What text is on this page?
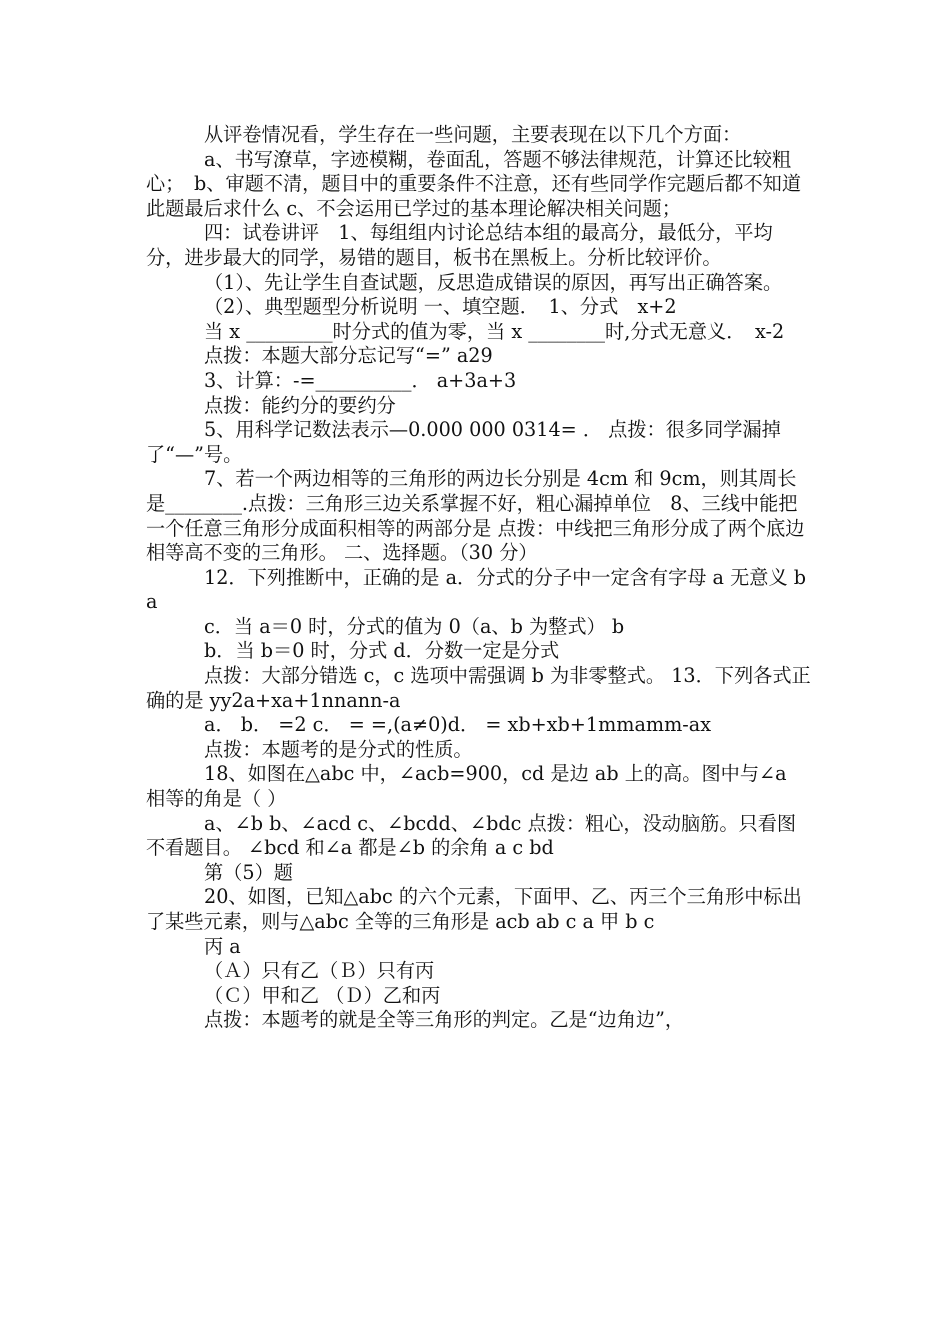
从评卷情况看，学生存在一些问题，主要表现在以下几个方面：

a、书写潦草，字迹模糊，卷面乱，答题不够法律规范，计算还比较粗心；　b、审题不清，题目中的重要条件不注意，还有些同学作完题后都不知道此题最后求什么 c、不会运用已学过的基本理论解决相关问题；

四：试卷讲评　1、每组组内讨论总结本组的最高分，最低分，平均分，进步最大的同学，易错的题目，板书在黑板上。分析比较评价。

（1）、先让学生自查试题，反思造成错误的原因，再写出正确答案。

（2）、典型题型分析说明 一、填空题．　1、分式　x+2

当 x _________时分式的值为零，当 x ________时,分式无意义．　x-2

点拨：本题大部分忘记写“=” a29

3、计算：-=__________． a+3a+3

点拨：能约分的要约分

5、用科学记数法表示—0.000 000 0314= ． 点拨：很多同学漏掉了“—”号。

7、若一个两边相等的三角形的两边长分别是 4cm 和 9cm，则其周长是________.点拨：三角形三边关系掌握不好，粗心漏掉单位　8、三线中能把一个任意三角形分成面积相等的两部分是 点拨：中线把三角形分成了两个底边相等高不变的三角形。 二、选择题。（30 分）

12．下列推断中，正确的是 a．分式的分子中一定含有字母 a 无意义 ba

c．当 a＝0 时，分式的值为 0（a、b 为整式） b

b．当 b＝0 时，分式 d．分数一定是分式

点拨：大部分错选 c，c 选项中需强调 b 为非零整式。 13．下列各式正确的是 yy2a+xa+1nnann-a

a． b． =2 c． = =,(a≠0)d． = xb+xb+1mmamm-ax

点拨：本题考的是分式的性质。

18、如图在△abc 中，∠acb=900，cd 是边 ab 上的高。图中与∠a 相等的角是（ ）

a、∠b b、∠acd c、∠bcdd、∠bdc 点拨：粗心，没动脑筋。只看图不看题目。 ∠bcd 和∠a 都是∠b 的余角 a c bd

第（5）题

20、如图，已知△abc 的六个元素，下面甲、乙、丙三个三角形中标出了某些元素，则与△abc 全等的三角形是 acb ab c a 甲 b c

丙 a

（Ａ）只有乙（Ｂ）只有丙

（Ｃ）甲和乙 （Ｄ）乙和丙

点拨：本题考的就是全等三角形的判定。乙是“边角边”，
